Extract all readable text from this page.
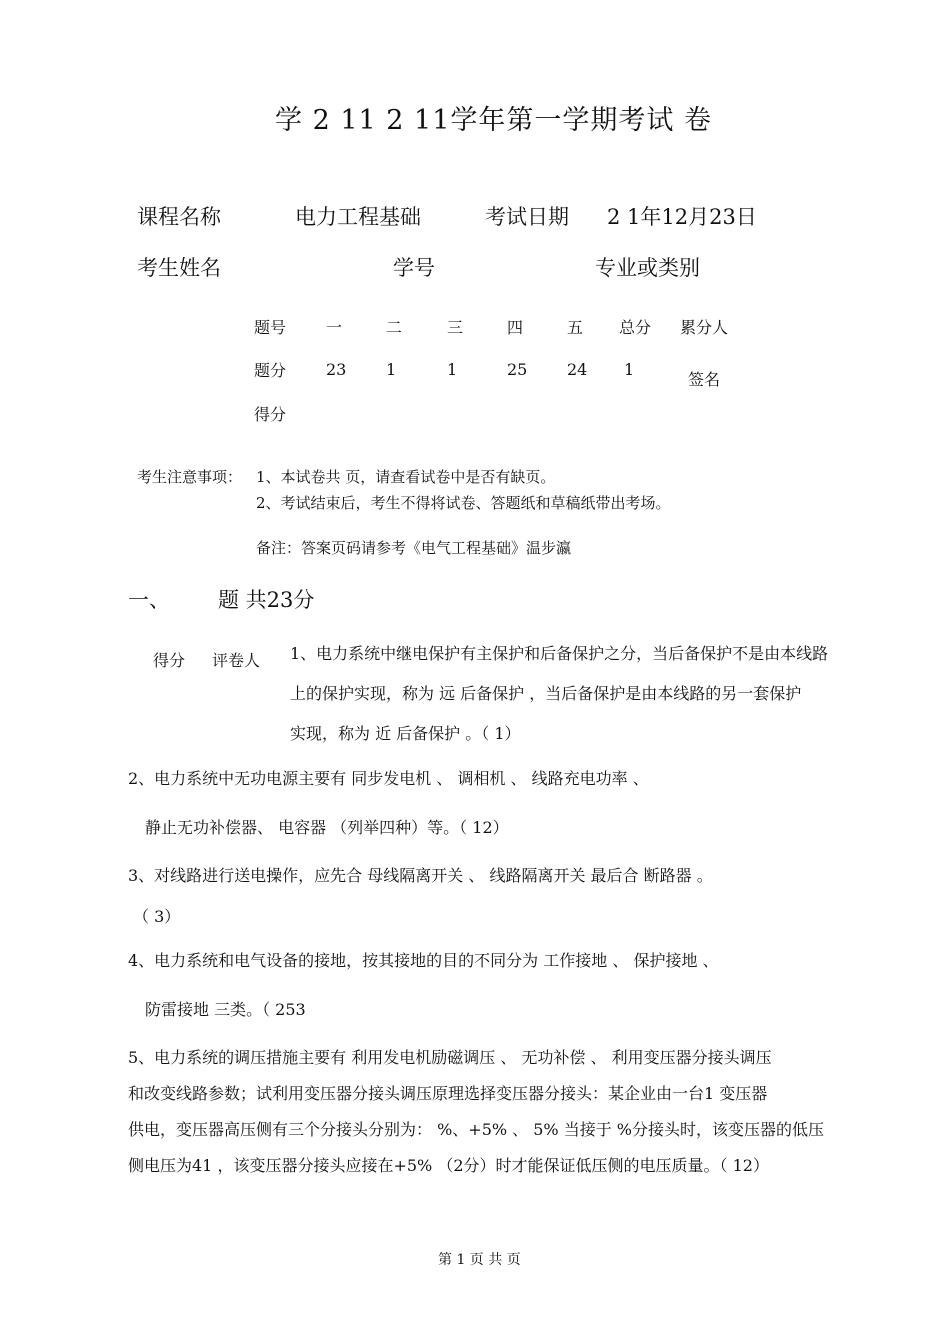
学 2 11 2 11学年第一学期考试 卷
课程名称	电力工程基础	考试日期 2 1年12月23日
考生姓名	学号	专业或类别
题号 一	二	三	四	五 总分 累分人
题分 23 1	1	25 24 1
签名
得分
考生注意事项： 1、本试卷共 页，请查看试卷中是否有缺页。
2、考试结束后，考生不得将试卷、答题纸和草稿纸带出考场。
备注：答案页码请参考《电气工程基础》温步瀛
一、 题 共23分
得分 评卷人 1、电力系统中继电保护有主保护和后备保护之分，当后备保护不是由本线路
上的保护实现，称为 远 后备保护 ，当后备保护是由本线路的另一套保护
实现，称为 近 后备保护 。（ 1）
2、电力系统中无功电源主要有 同步发电机 、 调相机 、 线路充电功率 、
静止无功补偿器、 电容器 （列举四种）等。（ 12）
3、对线路进行送电操作，应先合 母线隔离开关 、 线路隔离开关 最后合 断路器 。
（ 3）
4、电力系统和电气设备的接地，按其接地的目的不同分为 工作接地 、 保护接地 、
防雷接地 三类。（ 253
5、电力系统的调压措施主要有 利用发电机励磁调压 、 无功补偿 、 利用变压器分接头调压
和改变线路参数；试利用变压器分接头调压原理选择变压器分接头：某企业由一台1 变压器
供电，变压器高压侧有三个分接头分别为： %、+5% 、 5% 当接于 %分接头时，该变压器的低压
侧电压为41 ，该变压器分接头应接在+5% （2分）时才能保证低压侧的电压质量。（ 12）
第 1 页 共 页
